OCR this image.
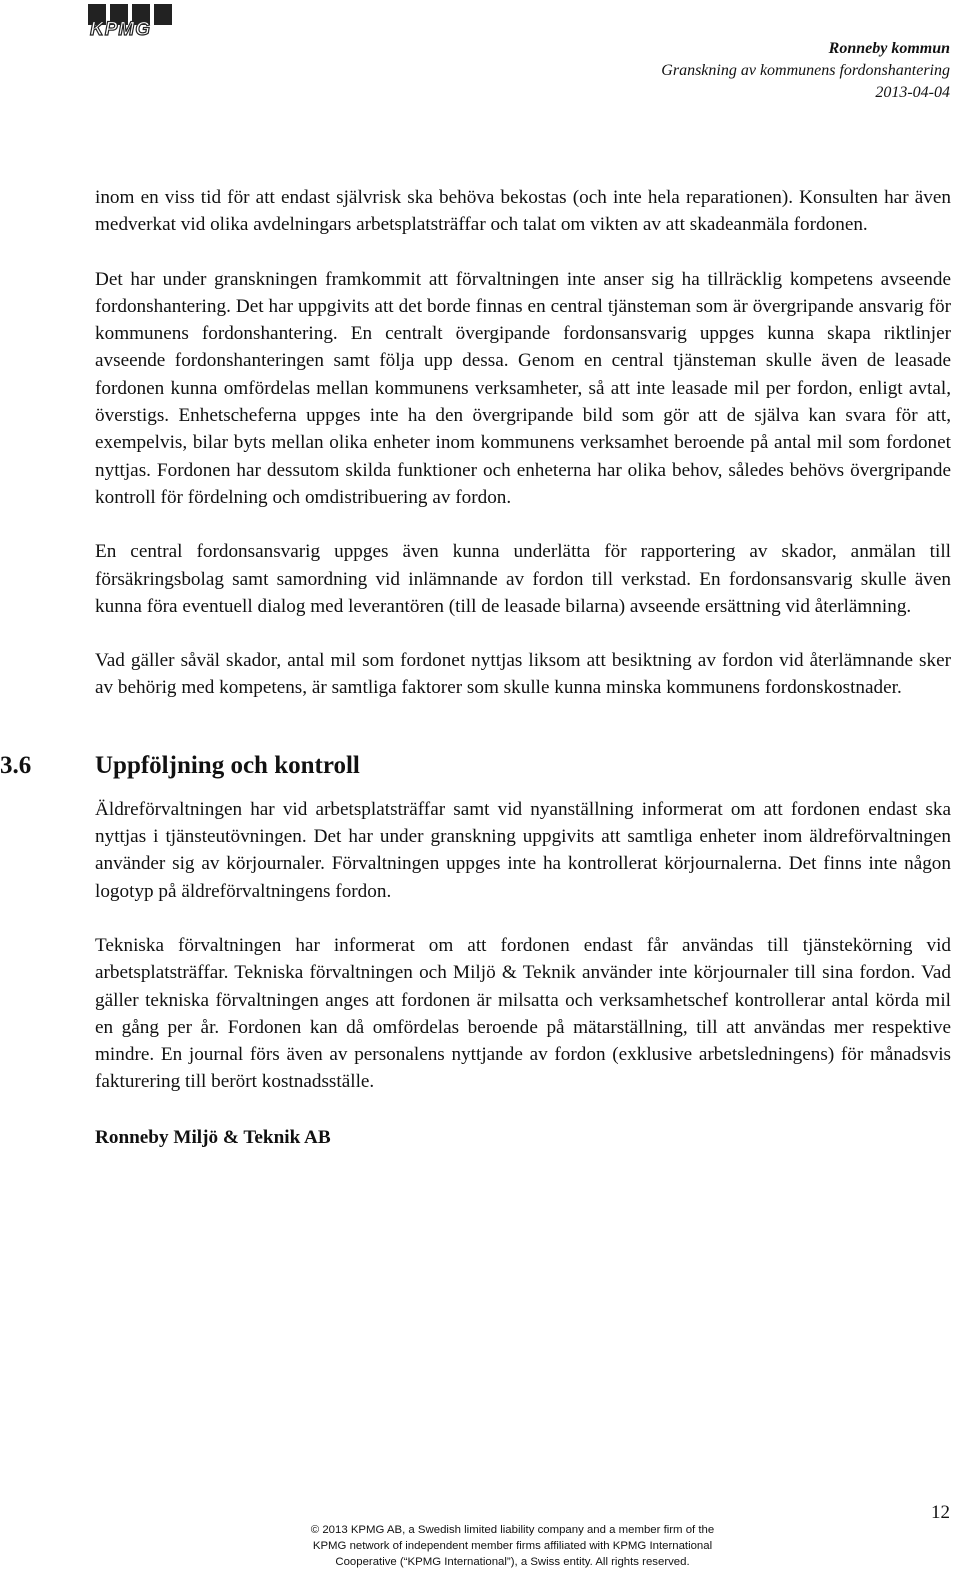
KPMG
Ronneby kommun
Granskning av kommunens fordonshantering
2013-04-04

inom en viss tid för att endast självrisk ska behöva bekostas (och inte hela reparationen). Konsulten har även medverkat vid olika avdelningars arbetsplatsträffar och talat om vikten av att skadeanmäla fordonen.

Det har under granskningen framkommit att förvaltningen inte anser sig ha tillräcklig kompetens avseende fordonshantering. Det har uppgivits att det borde finnas en central tjänsteman som är övergripande ansvarig för kommunens fordonshantering. En centralt övergipande fordonsansvarig uppges kunna skapa riktlinjer avseende fordonshanteringen samt följa upp dessa. Genom en central tjänsteman skulle även de leasade fordonen kunna omfördelas mellan kommunens verksamheter, så att inte leasade mil per fordon, enligt avtal, överstigs. Enhetscheferna uppges inte ha den övergripande bild som gör att de själva kan svara för att, exempelvis, bilar byts mellan olika enheter inom kommunens verksamhet beroende på antal mil som fordonet nyttjas. Fordonen har dessutom skilda funktioner och enheterna har olika behov, således behövs övergripande kontroll för fördelning och omdistribuering av fordon.

En central fordonsansvarig uppges även kunna underlätta för rapportering av skador, anmälan till försäkringsbolag samt samordning vid inlämnande av fordon till verkstad. En fordonsansvarig skulle även kunna föra eventuell dialog med leverantören (till de leasade bilarna) avseende ersättning vid återlämning.

Vad gäller såväl skador, antal mil som fordonet nyttjas liksom att besiktning av fordon vid återlämnande sker av behörig med kompetens, är samtliga faktorer som skulle kunna minska kommunens fordonskostnader.

3.6	Uppföljning och kontroll

Äldreförvaltningen har vid arbetsplatsträffar samt vid nyanställning informerat om att fordonen endast ska nyttjas i tjänsteutövningen. Det har under granskning uppgivits att samtliga enheter inom äldreförvaltningen använder sig av körjournaler. Förvaltningen uppges inte ha kontrollerat körjournalerna. Det finns inte någon logotyp på äldreförvaltningens fordon.

Tekniska förvaltningen har informerat om att fordonen endast får användas till tjänstekörning vid arbetsplatsträffar. Tekniska förvaltningen och Miljö & Teknik använder inte körjournaler till sina fordon. Vad gäller tekniska förvaltningen anges att fordonen är milsatta och verksamhetschef kontrollerar antal körda mil en gång per år. Fordonen kan då omfördelas beroende på mätarställning, till att användas mer respektive mindre. En journal förs även av personalens nyttjande av fordon (exklusive arbetsledningens) för månadsvis fakturering till berört kostnadsställe.

Ronneby Miljö & Teknik AB
12
© 2013 KPMG AB, a Swedish limited liability company and a member firm of the
KPMG network of independent member firms affiliated with KPMG International
Cooperative (“KPMG International”), a Swiss entity. All rights reserved.
